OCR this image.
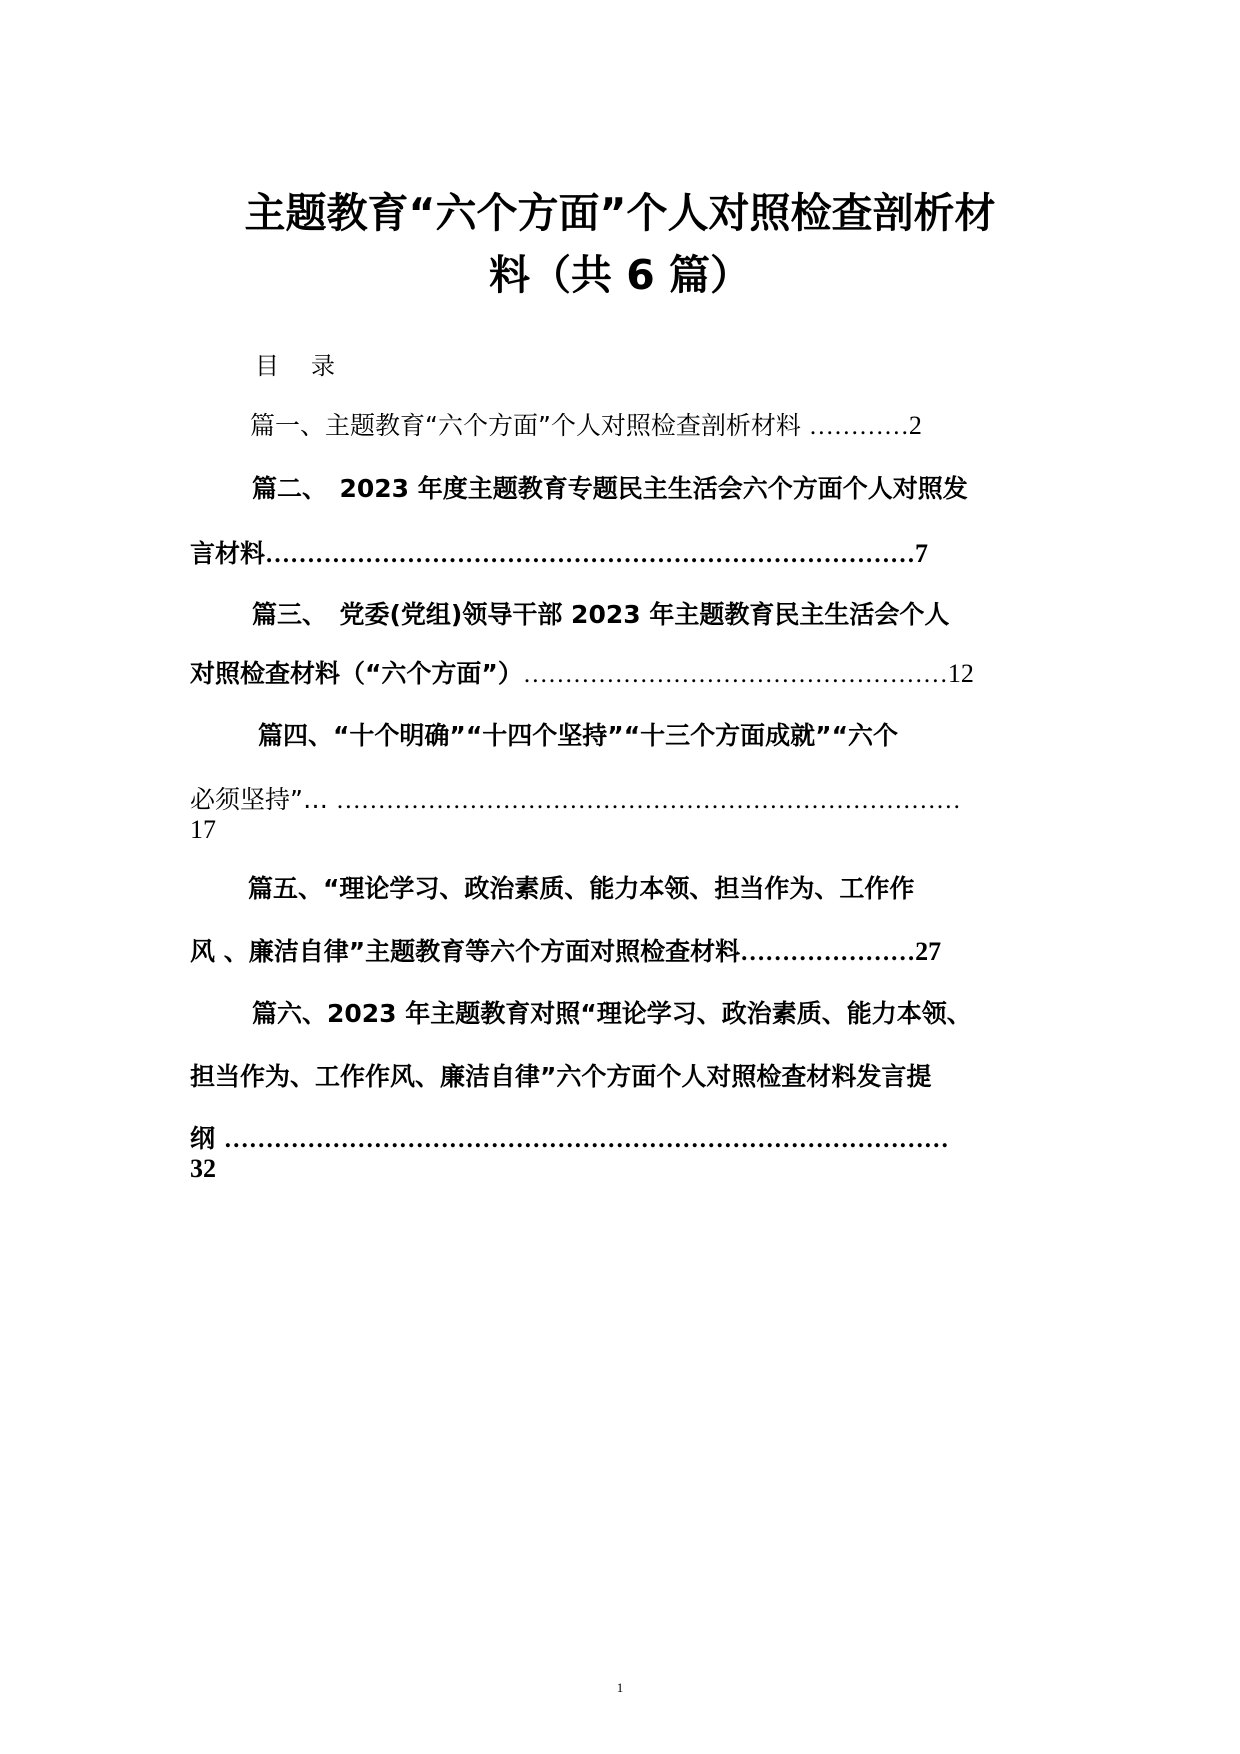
主题教育“六个方面”个人对照检查剖析材
料（共 6 篇）
目录
篇一、主题教育“六个方面”个人对照检查剖析材料 …………2
篇二、　2023 年度主题教育专题民主生活会六个方面个人对照发
言材料……………………………………………………………………7
篇三、　党委(党组)领导干部 2023 年主题教育民主生活会个人
对照检查材料（“六个方面”）……………………………………………12
篇四、“十个明确”“十四个坚持”“十三个方面成就”“六个
必须坚持”… …………………………………………………………………
17
篇五、“理论学习、政治素质、能力本领、担当作为、工作作
风 、廉洁自律”主题教育等六个方面对照检查材料…………………27
篇六、2023 年主题教育对照“理论学习、政治素质、能力本领、
担当作为、工作作风、廉洁自律”六个方面个人对照检查材料发言提
纲 ……………………………………………………………………………
32
1
